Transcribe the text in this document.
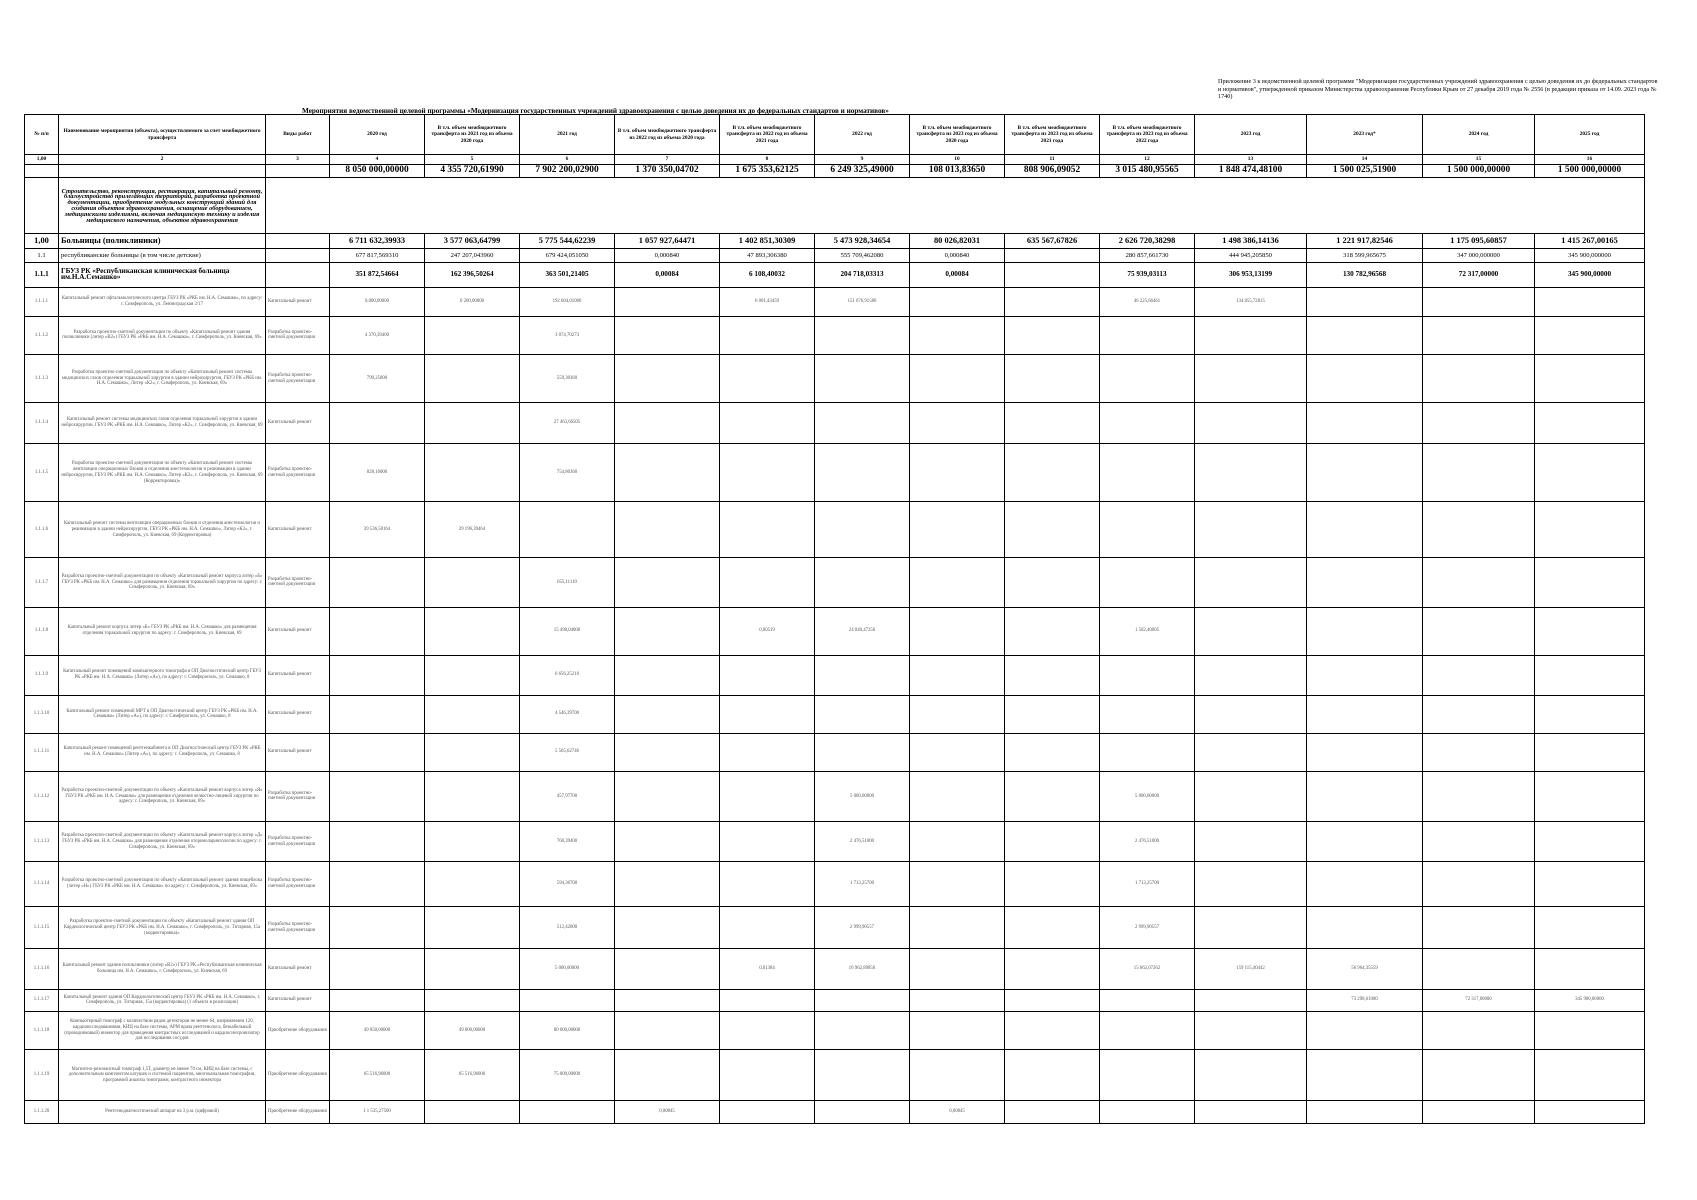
Приложение 3 к ведомственной целевой программе "Модернизация государственных учреждений здравоохранения с целью доведения их до федеральных стандартов и нормативов", утвержденной приказом Министерства здравоохранения Республики Крым от 27 декабря 2019 года № 2556 (в редакции приказа от 14.09. 2023 года № 1740)
Мероприятия ведомственной целевой программы «Модернизация государственных учреждений здравоохранения с целью доведения их до федеральных стандартов и нормативов»
№ п/п	Наименование мероприятия (объекта), осуществляемого за счет межбюджетного трансферта	Виды работ	2020 год	В т.ч. объем межбюджетного трансферта из 2021 год из объема 2020 года	2021 год	В т.ч. объем межбюджетного трансферта из 2022 год из объема 2020 года	В т.ч. объем межбюджетного трансферта из 2022 год из объема 2021 года	2022 год	В т.ч. объем межбюджетного трансферта из 2023 год из объема 2020 года	В т.ч. объем межбюджетного трансферта из 2023 год из объема 2021 года	В т.ч. объем межбюджетного трансферта из 2023 год из объема 2022 года	2023 год	2023 год*	2024 год	2025 год
1,00	2	3	4	5	6	7	8	9	10	11	12	13	14	15	16
			8 050 000,00000	4 355 720,61990	7 902 200,02900	1 370 350,04702	1 675 353,62125	6 249 325,49000	108 013,83650	808 906,09052	3 015 480,95565	1 848 474,48100	1 500 025,51900	1 500 000,00000	1 500 000,00000
	Строительство, реконструкция, реставрация, капитальный ремонт, благоустройство прилегающих территорий, разработка проектной документации, приобретение модульных конструкций зданий для создания объектов здравоохранения, оснащение оборудованием, медицинскими изделиями, включая медицинскую технику и изделия медицинского назначения, объектов здравоохранения														
1,00	Больницы (поликлиники)		6 711 632,39933	3 577 063,64799	5 775 544,62239	1 057 927,64471	1 402 851,30309	5 473 928,34654	80 026,82031	635 567,67826	2 626 720,38298	1 498 386,14136	1 221 917,82546	1 175 095,60857	1 415 267,00165
1.1	республиканские больницы (в том числе детские)		677 817,569310	247 207,043960	679 424,051050	0,000840	47 893,306380	555 709,462080	0,000840		280 857,661730	444 945,205850	318 599,965675	347 000,000000	345 900,000000
1.1.1	ГБУЗ РК «Республиканская клиническая больница им.Н.А.Семашко»		351 872,54664	162 396,50264	363 501,21405	0,00084	6 108,40032	204 718,03313	0,00084		75 939,03113	306 953,13199	130 782,96568	72 317,00000	345 900,00000
1.1.1.1	Капитальный ремонт офтальмологического центра ГБУЗ РК «РКБ им. Н.А. Семашко», по адресу: г. Симферополь, ул. Ленинградская 2/17	Капитальный ремонт	0,000,00000	0 200,00000	192 604,01000		6 001,43459	151 676,91580			46 225,66461	134 855,72815			
1.1.1.2	Разработка проектно-сметной документации по объекту «Капитальный ремонт здания поликлиники (литер «В2») ГБУЗ РК «РКБ им. Н.А. Семашко», г. Симферополь, ул. Киевская, 69»	Разработка проектно-сметной документации	4 370,39400		3 074,70273										
1.1.1.3	Разработка проектно-сметной документации по объекту «Капитальный ремонт системы медицинских газов отделения торакальной хирургии в здании нейрохирургии, ГБУЗ РК «РКБ им. Н.А. Семашко», Литер «К2», г. Симферополь, ул. Киевская, 69»	Разработка проектно-сметной документации	799,25800		559,30360										
1.1.1.4	Капитальный ремонт системы медицинских газов отделения торакальной хирургии в здании нейрохирургии, ГБУЗ РК «РКБ им. Н.А. Семашко», Литер «К2», г. Симферополь, ул. Киевская, 69	Капитальный ремонт			27 463,66505										
1.1.1.5	Разработка проектно-сметной документации по объекту «Капитальный ремонт системы вентиляции операционных блоков и отделения анестезиологии и реанимации в здании нейрохирургии, ГБУЗ РК «РКБ им. Н.А. Семашко», Литер «К2», г. Симферополь, ул. Киевская, 69 (Корректировка)»	Разработка проектно-сметной документации	828,16000		754,80360										
1.1.1.6	Капитальный ремонт системы вентиляции операционных блоков и отделения анестезиологии и реанимации в здании нейрохирургии, ГБУЗ РК «РКБ им. Н.А. Семашко», Литер «К2», г. Симферополь, ул. Киевская, 69 (Корректировка)	Капитальный ремонт	39 536,50164	39 196,39464											
1.1.1.7	Разработка проектно-сметной документации по объекту «Капитальный ремонт корпуса литер «Б» ГБУЗ РК «РКБ им. Н.А. Семашко» для размещения отделения торакальной хирургии по адресу: г. Симферополь, ул. Киевская, 69»	Разработка проектно-сметной документации			655,11110										
1.1.1.8	Капитальный ремонт корпуса литер «Б» ГБУЗ РК «РКБ им. Н.А. Семашко» для размещения отделения торакальной хирургии по адресу: г. Симферополь, ул. Киевская, 69	Капитальный ремонт			15 498,04000		0,00519	24 040,47250			1 502,40005				
1.1.1.9	Капитальный ремонт помещений компьютерного томографа в ОП Диагностический центр ГБУЗ РК «РКБ им. Н.А. Семашко» (Литер «А»), по адресу: г. Симферополь, ул. Семашко, 8	Капитальный ремонт			6 656,25210										
1.1.1.10	Капитальный ремонт помещений МРТ в ОП Диагностический центр ГБУЗ РК «РКБ им. Н.А. Семашко» (Литер «А»), по адресу: г. Симферополь, ул. Семашко, 8	Капитальный ремонт			4 546,39700										
1.1.1.11	Капитальный ремонт помещений рентгенкабинета в ОП Диагностический центр ГБУЗ РК «РКБ им. Н.А. Семашко» (Литер «А»), по адресу: г. Симферополь, ул. Семашко, 8	Капитальный ремонт			5 565,62746										
1.1.1.12	Разработка проектно-сметной документации по объекту «Капитальный ремонт корпуса литер «Я» ГБУЗ РК «РКБ им. Н.А. Семашко» для размещения отделения челюстно-лицевой хирургии по адресу: г. Симферополь, ул. Киевская, 69»	Разработка проектно-сметной документации			457,97700			5 000,00000			5 000,00000				
1.1.1.13	Разработка проектно-сметной документации по объекту «Капитальный ремонт корпуса литер «Д» ГБУЗ РК «РКБ им. Н.А. Семашко» для размещения отделения оториноларингологии по адресу: г. Симферополь, ул. Киевская, 69»	Разработка проектно-сметной документации			760,39400			2 476,51000			2 476,51000				
1.1.1.14	Разработка проектно-сметной документации по объекту «Капитальный ремонт здания пищеблока (литер «Н») ГБУЗ РК «РКБ им. Н.А. Семашко» по адресу: г. Симферополь, ул. Киевская, 69»	Разработка проектно-сметной документации			594,36700			1 713,25700			1 713,25700				
1.1.1.15	Разработка проектно-сметной документации по объекту «Капитальный ремонт здания ОП Кардиологический центр ГБУЗ РК «РКБ им. Н.А. Семашко», г. Симферополь, ул. Титарная, 15а (корректировка)»	Разработка проектно-сметной документации			512,42000			2 999,90557			2 999,90557				
1.1.1.16	Капитальный ремонт здания поликлиники (литер «В2») ГБУЗ РК «Республиканская клиническая больница им. Н.А. Семашко», г. Симферополь, ул. Киевская, 69	Капитальный ремонт			5 000,00000		0,01384	16 962,89850			15 662,07262	159 115,40442	56 964,35559		
1.1.1.17	Капитальный ремонт здания ОП Кардиологический центр ГБУЗ РК «РКБ им. Н.А. Семашко», г. Симферополь, ул. Титарная, 15а (корректировка) (1 объекта в реализации)	Капитальный ремонт											73 298,61000	72 317,00000	345 900,00000
1.1.1.18	Компьютерный томограф с количеством рядов детекторов не менее 64, напряжением 120, кардиоисследованиями, КИЦ на базе системы, АРМ врача рентгенолога, безкабельный (проводниковый) инжектор для проведения контрастных исследований и кардиосинхронизатор для исследования сосудов	Приобретение оборудования	49 050,00000	49 000,00000	80 000,00000										
1.1.1.19	Магнитно-резонансный томограф 1,5Т, диаметр не менее 70 см, КИЦ на базе системы, с дополнительным комплектом катушек и системой пациентов, многоканальная томография, программой анализа томограмм, контрастного инжектора	Приобретение оборудования	65 516,96000	65 516,96000	75 000,00000										
1.1.1.20	Рентгенодиагностический аппарат на 3 р.м. (цифровой)	Приобретение оборудования	1 1 535,27500			0,00845			0,00845						
